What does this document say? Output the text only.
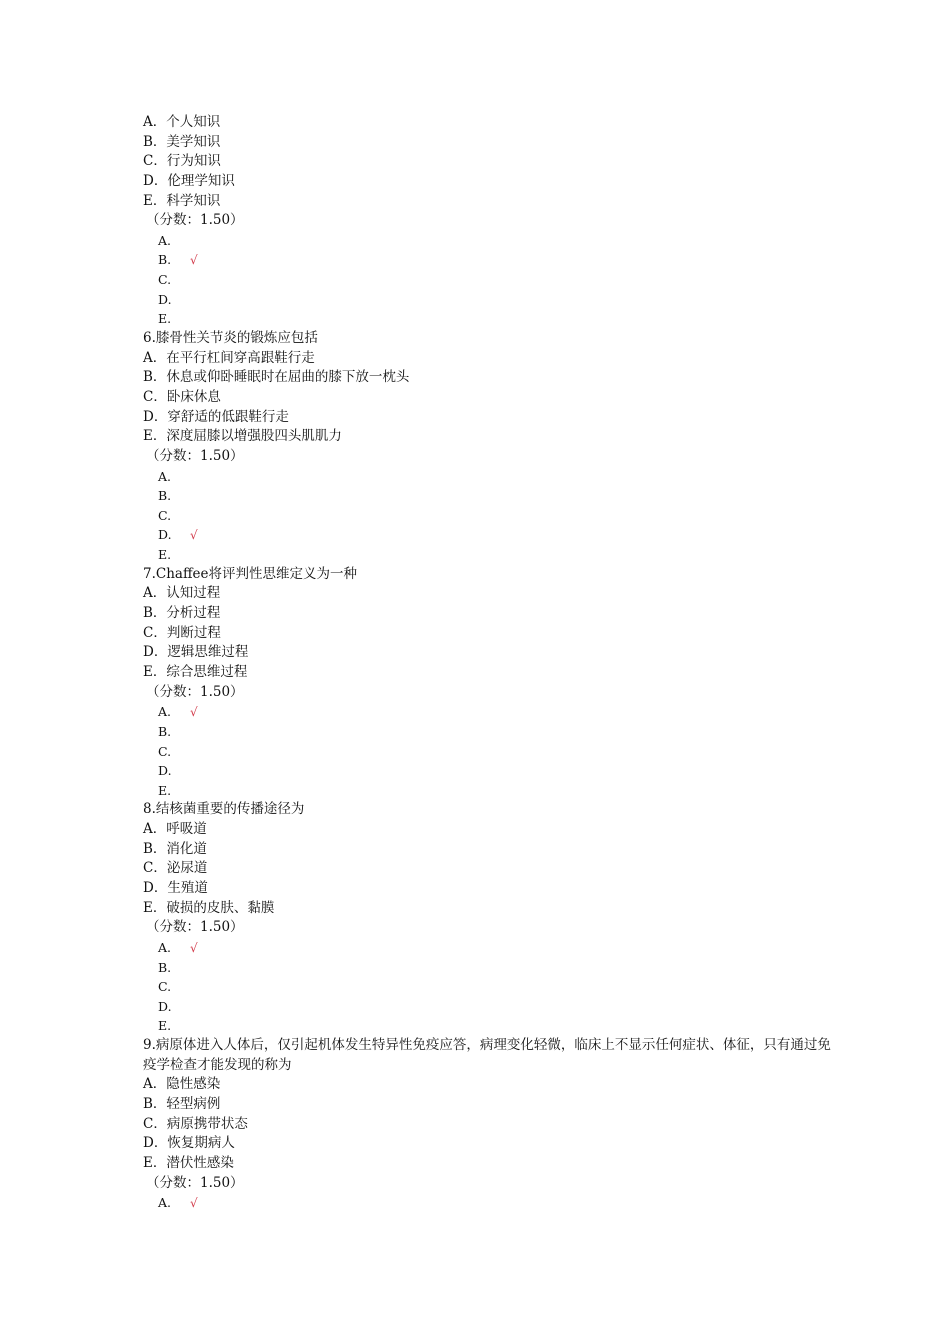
A．个人知识
B．美学知识
C．行为知识
D．伦理学知识
E．科学知识
（分数：1.50）
A.
B. √
C.
D.
E.
6.膝骨性关节炎的锻炼应包括
A．在平行杠间穿高跟鞋行走
B．休息或仰卧睡眠时在屈曲的膝下放一枕头
C．卧床休息
D．穿舒适的低跟鞋行走
E．深度屈膝以增强股四头肌肌力
（分数：1.50）
A.
B.
C.
D. √
E.
7.Chaffee将评判性思维定义为一种
A．认知过程
B．分析过程
C．判断过程
D．逻辑思维过程
E．综合思维过程
（分数：1.50）
A. √
B.
C.
D.
E.
8.结核菌重要的传播途径为
A．呼吸道
B．消化道
C．泌尿道
D．生殖道
E．破损的皮肤、黏膜
（分数：1.50）
A. √
B.
C.
D.
E.
9.病原体进入人体后，仅引起机体发生特异性免疫应答，病理变化轻微，临床上不显示任何症状、体征，只有通过免疫学检查才能发现的称为
A．隐性感染
B．轻型病例
C．病原携带状态
D．恢复期病人
E．潜伏性感染
（分数：1.50）
A. √
